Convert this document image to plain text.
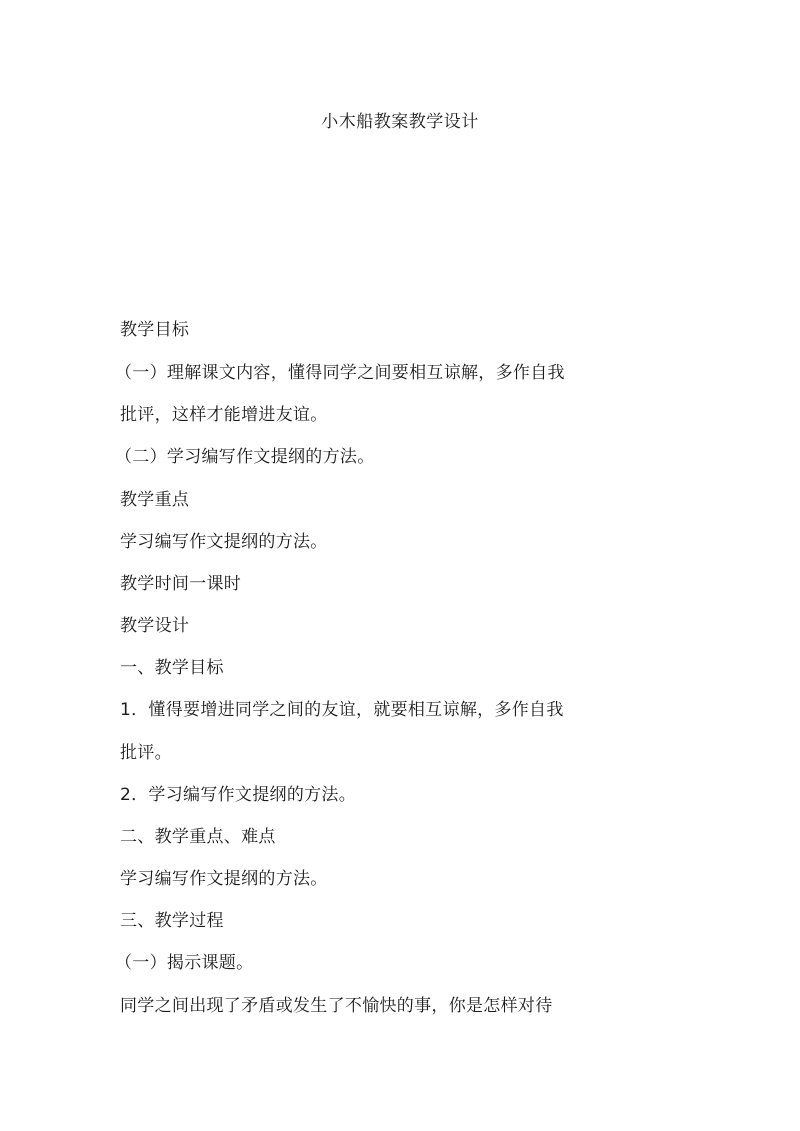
小木船教案教学设计
教学目标
（一）理解课文内容，懂得同学之间要相互谅解，多作自我
批评，这样才能增进友谊。
（二）学习编写作文提纲的方法。
教学重点
学习编写作文提纲的方法。
教学时间一课时
教学设计
一、教学目标
1．懂得要增进同学之间的友谊，就要相互谅解，多作自我
批评。
2．学习编写作文提纲的方法。
二、教学重点、难点
学习编写作文提纲的方法。
三、教学过程
（一）揭示课题。
同学之间出现了矛盾或发生了不愉快的事，你是怎样对待
